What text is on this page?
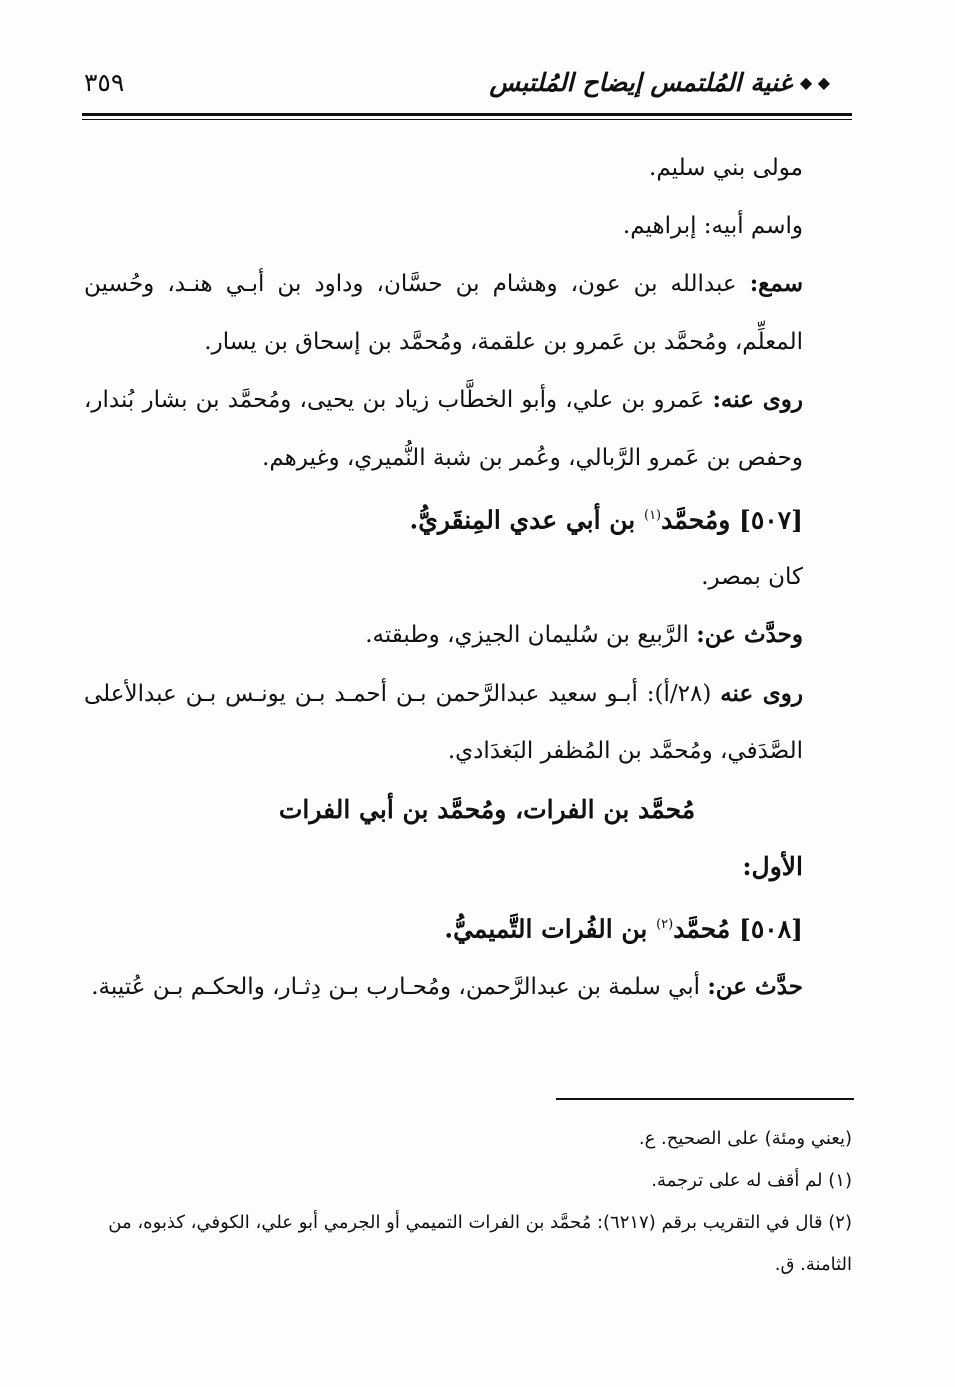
◆ ◆
غنية المُلتمس إيضاح المُلتبس
٣٥٩

مولى بني سليم.

واسم أبيه: إبراهيم.

سمع: عبدالله بن عون، وهشام بن حسَّان، وداود بن أبـي هنـد، وحُسين المعلِّم، ومُحمَّد بن عَمرو بن علقمة، ومُحمَّد بن إسحاق بن يسار.

روى عنه: عَمرو بن علي، وأبو الخطَّاب زياد بن يحيى، ومُحمَّد بن بشار بُندار، وحفص بن عَمرو الرَّبالي، وعُمر بن شبة النُّميري، وغيرهم.

[٥٠٧] ومُحمَّد$^{(١)}$ بن أبي عدي المِنقَريُّ.

كان بمصر.

وحدَّث عن: الرَّبيع بن سُليمان الجيزي، وطبقته.

روى عنه (٢٨/أ): أبـو سعيد عبدالرَّحمن بـن أحمـد بـن يونـس بـن عبدالأعلى الصَّدَفي، ومُحمَّد بن المُظفر البَغدَادي.

مُحمَّد بن الفرات، ومُحمَّد بن أبي الفرات

الأول:

[٥٠٨] مُحمَّد$^{(٢)}$ بن الفُرات التَّميميُّ.

حدَّث عن: أبي سلمة بن عبدالرَّحمن، ومُحـارب بـن دِثـار، والحكـم بـن عُتيبة.

(يعني ومئة) على الصحيح. ع.

(١) لم أقف له على ترجمة.

(٢) قال في التقريب برقم (٦٢١٧): مُحمَّد بن الفرات التميمي أو الجرمي أبو علي، الكوفي، كذبوه، من الثامنة. ق.
